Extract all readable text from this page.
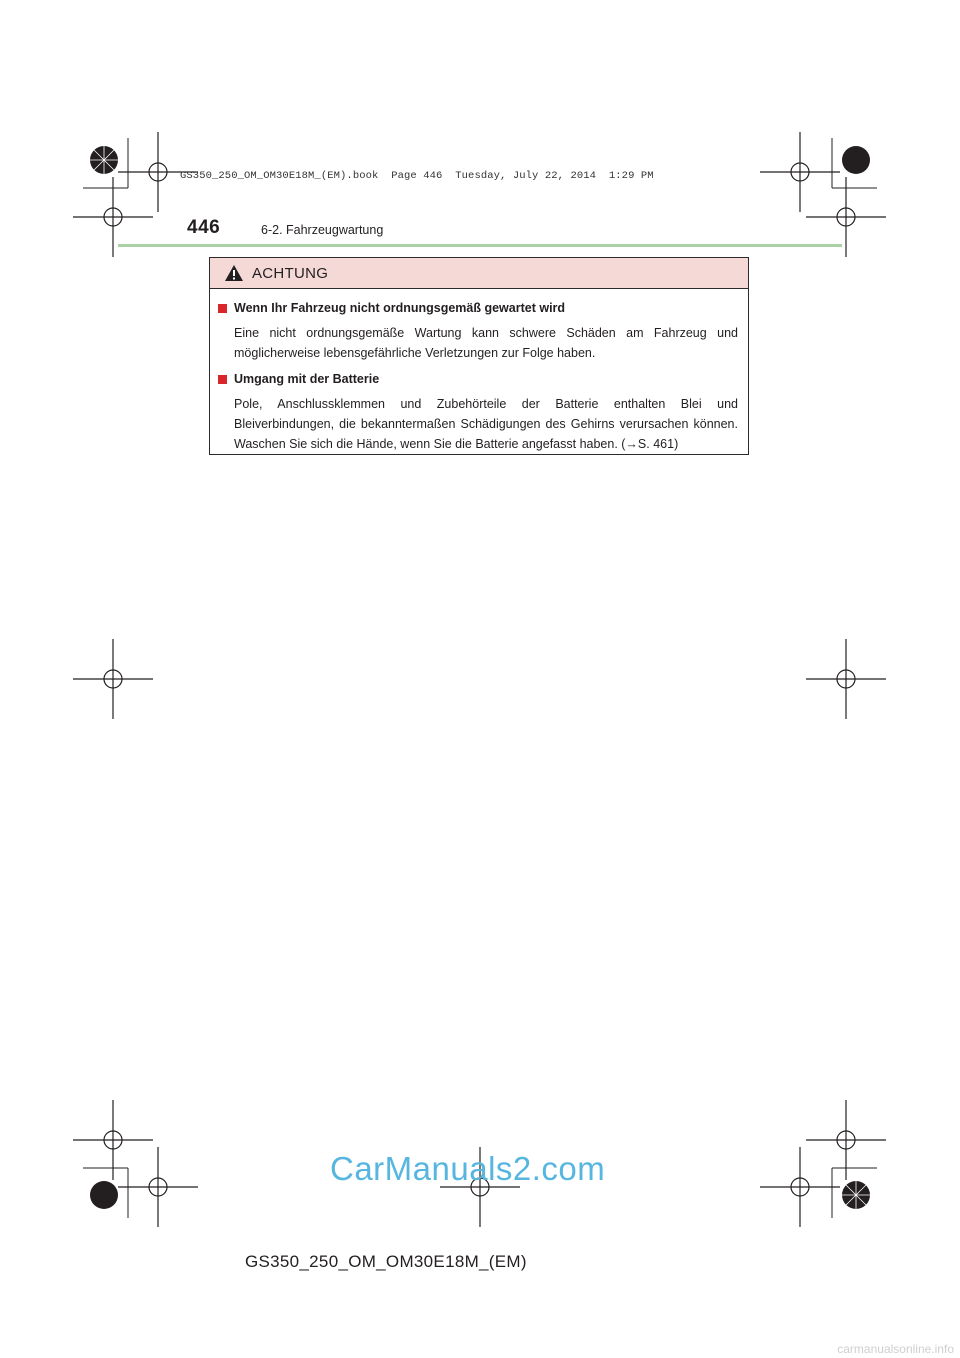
GS350_250_OM_OM30E18M_(EM).book  Page 446  Tuesday, July 22, 2014  1:29 PM
446	6-2. Fahrzeugwartung
ACHTUNG
Wenn Ihr Fahrzeug nicht ordnungsgemäß gewartet wird
Eine nicht ordnungsgemäße Wartung kann schwere Schäden am Fahrzeug und möglicherweise lebensgefährliche Verletzungen zur Folge haben.
Umgang mit der Batterie
Pole, Anschlussklemmen und Zubehörteile der Batterie enthalten Blei und Bleiverbindungen, die bekanntermaßen Schädigungen des Gehirns verursachen können. Waschen Sie sich die Hände, wenn Sie die Batterie angefasst haben. (→S. 461)
CarManuals2.com
GS350_250_OM_OM30E18M_(EM)
carmanualsonline.info
